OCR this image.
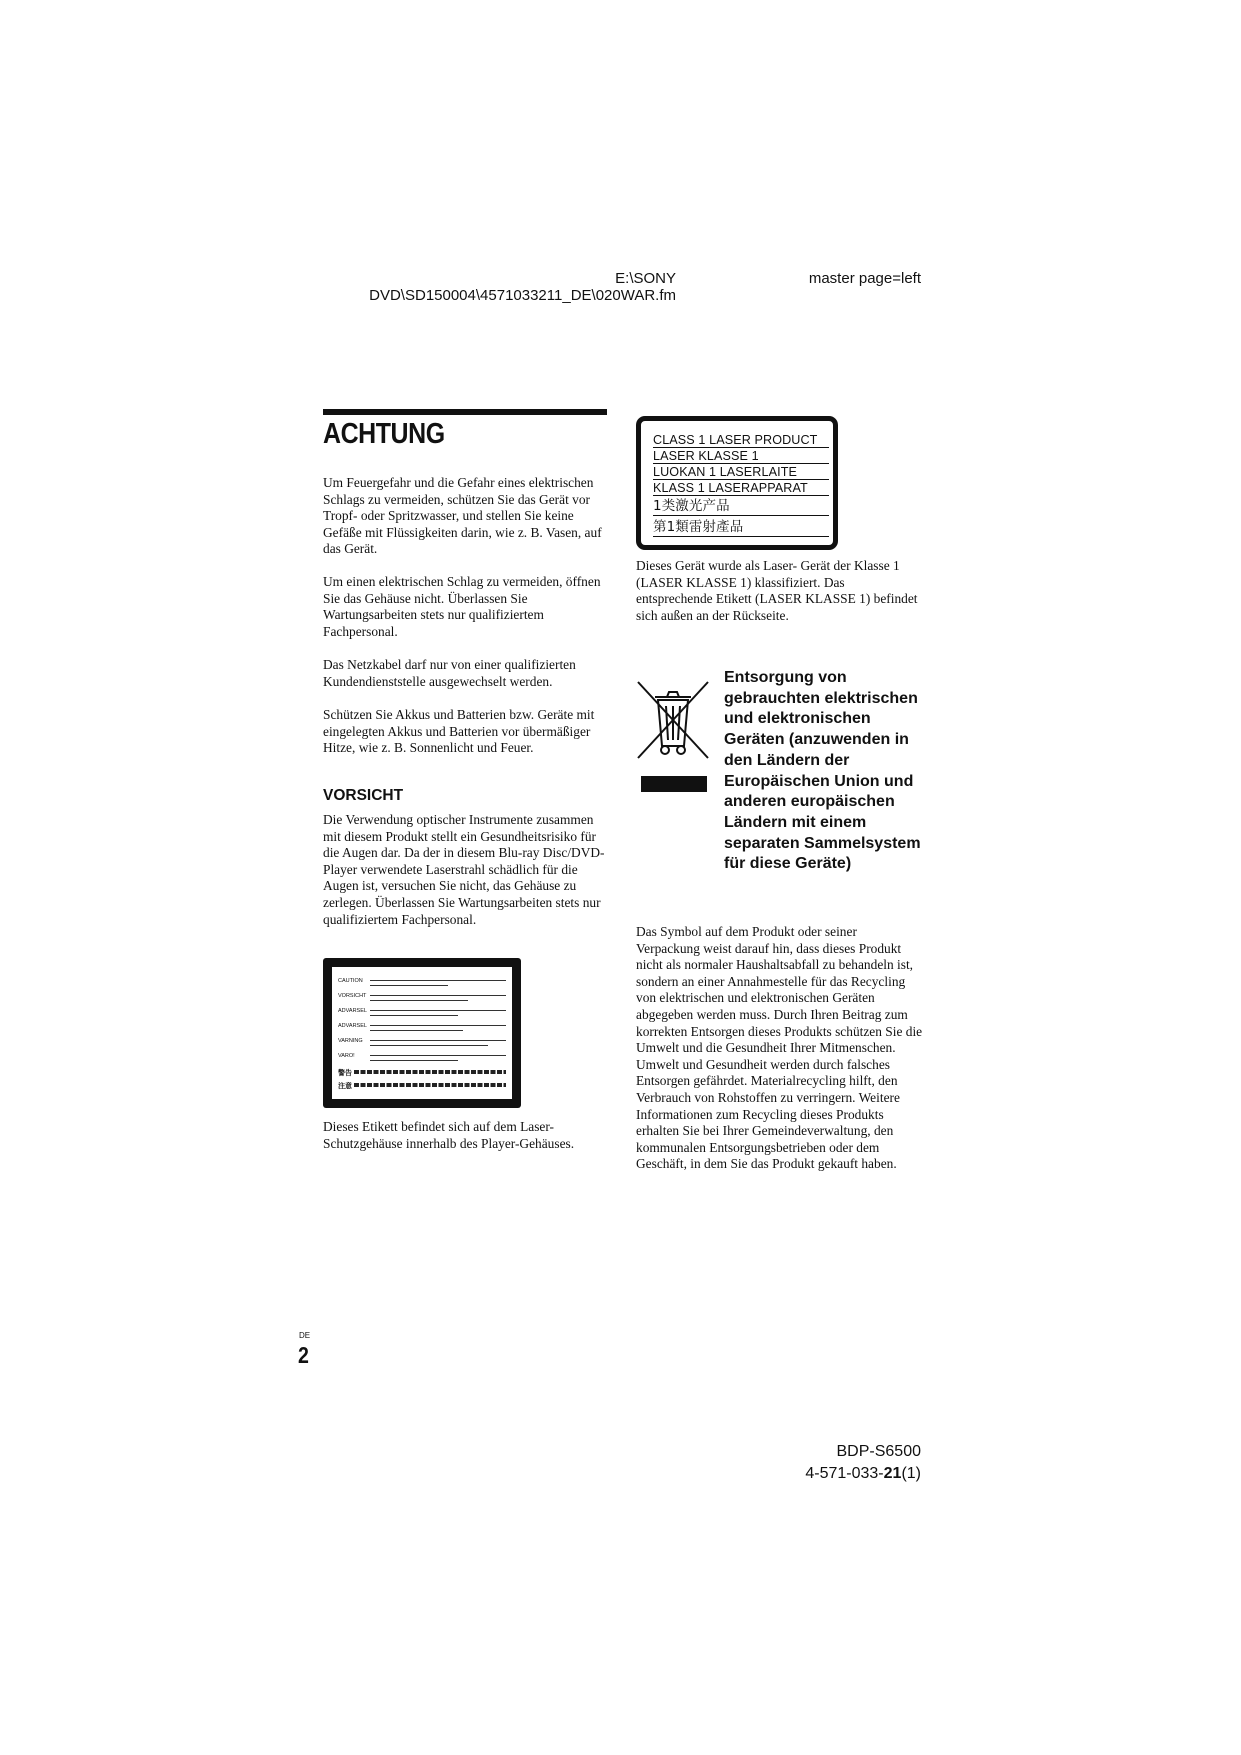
E:\SONY
DVD\SD150004\4571033211_DE\020WAR.fm
master page=left
ACHTUNG
Um Feuergefahr und die Gefahr eines elektrischen Schlags zu vermeiden, schützen Sie das Gerät vor Tropf- oder Spritzwasser, und stellen Sie keine Gefäße mit Flüssigkeiten darin, wie z. B. Vasen, auf das Gerät.
Um einen elektrischen Schlag zu vermeiden, öffnen Sie das Gehäuse nicht. Überlassen Sie Wartungsarbeiten stets nur qualifiziertem Fachpersonal.
Das Netzkabel darf nur von einer qualifizierten Kundendienststelle ausgewechselt werden.
Schützen Sie Akkus und Batterien bzw. Geräte mit eingelegten Akkus und Batterien vor übermäßiger Hitze, wie z. B. Sonnenlicht und Feuer.
VORSICHT
Die Verwendung optischer Instrumente zusammen mit diesem Produkt stellt ein Gesundheitsrisiko für die Augen dar. Da der in diesem Blu-ray Disc/DVD-Player verwendete Laserstrahl schädlich für die Augen ist, versuchen Sie nicht, das Gehäuse zu zerlegen. Überlassen Sie Wartungsarbeiten stets nur qualifiziertem Fachpersonal.
CAUTION
VORSICHT
ADVARSEL
ADVARSEL
VARNING
VARO!
警告
注意
Dieses Etikett befindet sich auf dem Laser-Schutzgehäuse innerhalb des Player-Gehäuses.
CLASS 1 LASER PRODUCT
LASER KLASSE 1
LUOKAN 1 LASERLAITE
KLASS 1 LASERAPPARAT
1类激光产品
第1類雷射產品
Dieses Gerät wurde als Laser- Gerät der Klasse 1 (LASER KLASSE 1) klassifiziert. Das entsprechende Etikett (LASER KLASSE 1) befindet sich außen an der Rückseite.
Entsorgung von gebrauchten elektrischen und elektronischen Geräten (anzuwenden in den Ländern der Europäischen Union und anderen europäischen Ländern mit einem separaten Sammelsystem für diese Geräte)
Das Symbol auf dem Produkt oder seiner Verpackung weist darauf hin, dass dieses Produkt nicht als normaler Haushaltsabfall zu behandeln ist, sondern an einer Annahmestelle für das Recycling von elektrischen und elektronischen Geräten abgegeben werden muss. Durch Ihren Beitrag zum korrekten Entsorgen dieses Produkts schützen Sie die Umwelt und die Gesundheit Ihrer Mitmenschen. Umwelt und Gesundheit werden durch falsches Entsorgen gefährdet. Materialrecycling hilft, den Verbrauch von Rohstoffen zu verringern. Weitere Informationen zum Recycling dieses Produkts erhalten Sie bei Ihrer Gemeindeverwaltung, den kommunalen Entsorgungsbetrieben oder dem Geschäft, in dem Sie das Produkt gekauft haben.
DE
2
BDP-S6500
4-571-033-21(1)
